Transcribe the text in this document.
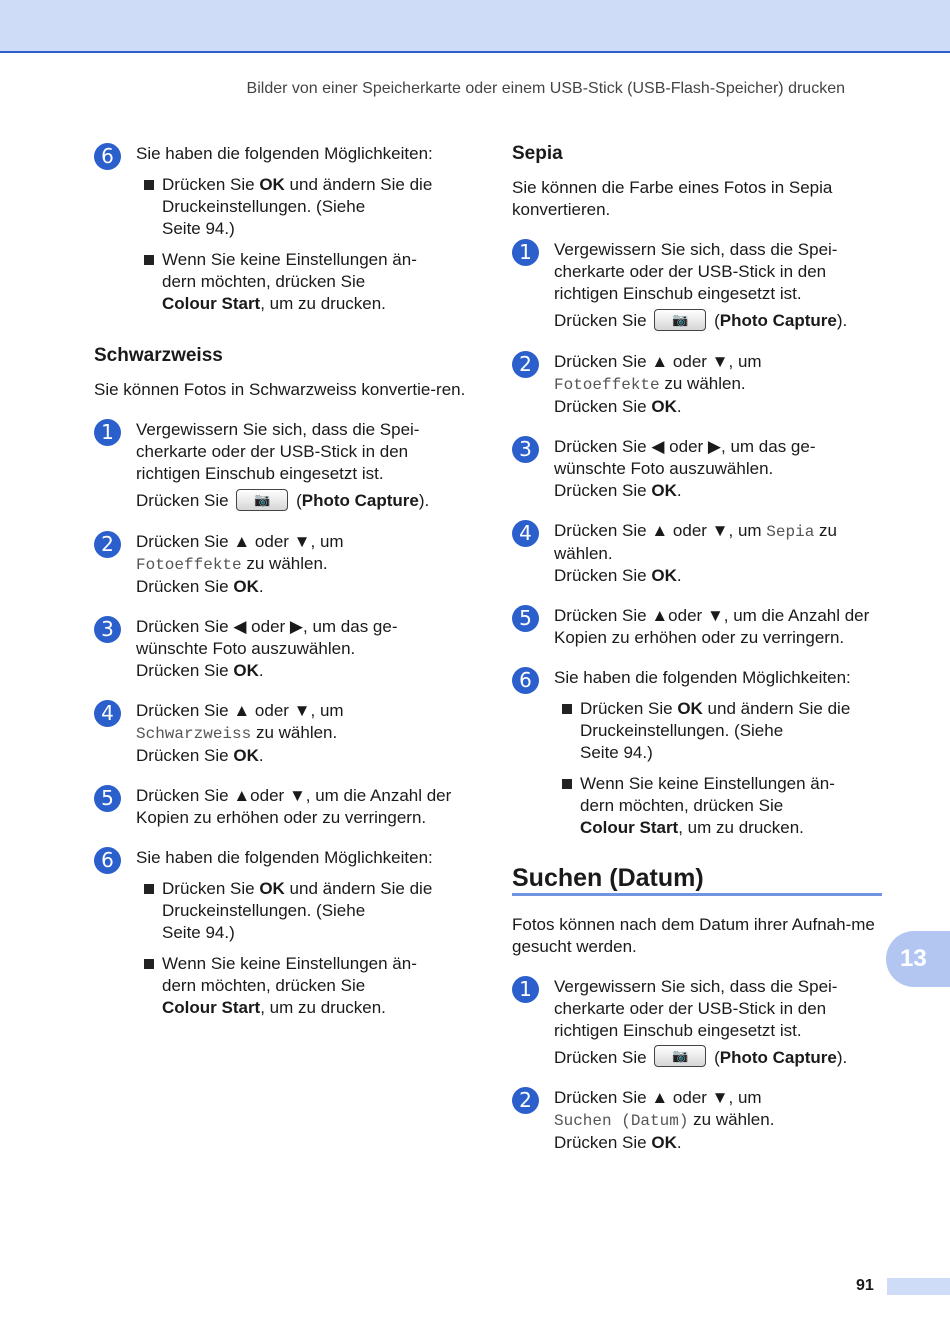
Bilder von einer Speicherkarte oder einem USB-Stick (USB-Flash-Speicher) drucken
6	Sie haben die folgenden Möglichkeiten:

Drücken Sie OK und ändern Sie die

Druckeinstellungen. (Siehe

Seite 94.)

Wenn Sie keine Einstellungen än-

dern möchten, drücken Sie

Colour Start, um zu drucken.

Schwarzweiss

Sie können Fotos in Schwarzweiss konvertie-ren.

1	Vergewissern Sie sich, dass die Spei-

cherkarte oder der USB-Stick in den

richtigen Einschub eingesetzt ist.

Drücken Sie 📷 (Photo Capture).

2	Drücken Sie ▲ oder ▼, um

Fotoeffekte zu wählen.

Drücken Sie OK.

3	Drücken Sie ◀ oder ▶, um das ge-

wünschte Foto auszuwählen.

Drücken Sie OK.

4	Drücken Sie ▲ oder ▼, um

Schwarzweiss zu wählen.

Drücken Sie OK.

5	Drücken Sie ▲oder ▼, um die Anzahl der

Kopien zu erhöhen oder zu verringern.

6	Sie haben die folgenden Möglichkeiten:

Drücken Sie OK und ändern Sie die

Druckeinstellungen. (Siehe

Seite 94.)

Wenn Sie keine Einstellungen än-

dern möchten, drücken Sie

Colour Start, um zu drucken.

Sepia

Sie können die Farbe eines Fotos in Sepia konvertieren.

1	Vergewissern Sie sich, dass die Spei-

cherkarte oder der USB-Stick in den

richtigen Einschub eingesetzt ist.

Drücken Sie 📷 (Photo Capture).

2	Drücken Sie ▲ oder ▼, um

Fotoeffekte zu wählen.

Drücken Sie OK.

3	Drücken Sie ◀ oder ▶, um das ge-

wünschte Foto auszuwählen.

Drücken Sie OK.

4	Drücken Sie ▲ oder ▼, um Sepia zu

wählen.

Drücken Sie OK.

5	Drücken Sie ▲oder ▼, um die Anzahl der

Kopien zu erhöhen oder zu verringern.

6	Sie haben die folgenden Möglichkeiten:

Drücken Sie OK und ändern Sie die

Druckeinstellungen. (Siehe

Seite 94.)

Wenn Sie keine Einstellungen än-

dern möchten, drücken Sie

Colour Start, um zu drucken.

Suchen (Datum)

Fotos können nach dem Datum ihrer Aufnah-me gesucht werden.

1	Vergewissern Sie sich, dass die Spei-

cherkarte oder der USB-Stick in den

richtigen Einschub eingesetzt ist.

Drücken Sie 📷 (Photo Capture).

2	Drücken Sie ▲ oder ▼, um

Suchen (Datum) zu wählen.

Drücken Sie OK.

13
91
